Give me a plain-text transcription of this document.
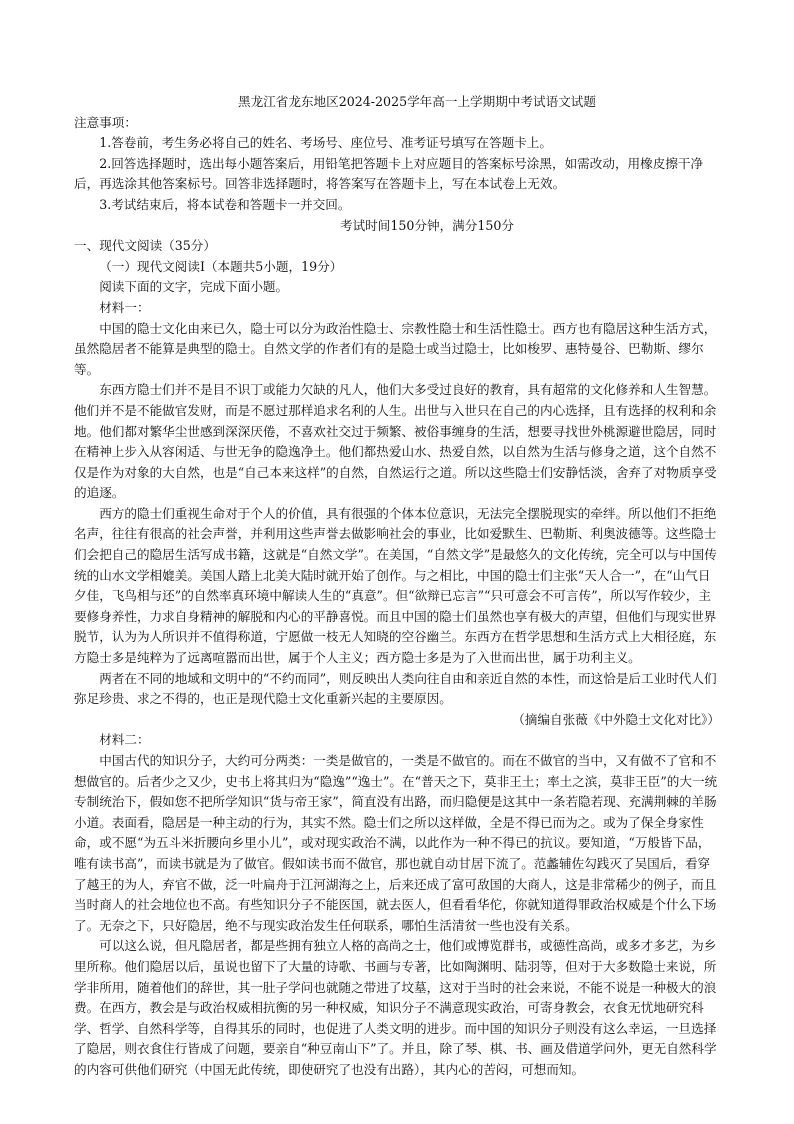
黑龙江省龙东地区2024-2025学年高一上学期期中考试语文试题

注意事项：

1.答卷前，考生务必将自己的姓名、考场号、座位号、准考证号填写在答题卡上。

2.回答选择题时，选出每小题答案后，用铅笔把答题卡上对应题目的答案标号涂黑，如需改动，用橡皮擦干净后，再选涂其他答案标号。回答非选择题时，将答案写在答题卡上，写在本试卷上无效。

3.考试结束后，将本试卷和答题卡一并交回。

考试时间150分钟，满分150分

一、现代文阅读（35分）

（一）现代文阅读Ⅰ（本题共5小题，19分）

阅读下面的文字，完成下面小题。

材料一：

中国的隐士文化由来已久，隐士可以分为政治性隐士、宗教性隐士和生活性隐士。西方也有隐居这种生活方式，虽然隐居者不能算是典型的隐士。自然文学的作者们有的是隐士或当过隐士，比如梭罗、惠特曼谷、巴勒斯、缪尔等。

东西方隐士们并不是目不识丁或能力欠缺的凡人，他们大多受过良好的教育，具有超常的文化修养和人生智慧。他们并不是不能做官发财，而是不愿过那样追求名利的人生。出世与入世只在自己的内心选择，且有选择的权利和余地。他们都对繁华尘世感到深深厌倦，不喜欢社交过于频繁、被俗事缠身的生活，想要寻找世外桃源避世隐居，同时在精神上步入从容闲适、与世无争的隐逸净土。他们都热爱山水、热爱自然，以自然为生活与修身之道，这个自然不仅是作为对象的大自然，也是“自己本来这样”的自然，自然运行之道。所以这些隐士们安静恬淡，舍弃了对物质享受的追逐。

西方的隐士们重视生命对于个人的价值，具有很强的个体本位意识，无法完全摆脱现实的牵绊。所以他们不拒绝名声，往往有很高的社会声誉，并利用这些声誉去做影响社会的事业，比如爱默生、巴勒斯、利奥波德等。这些隐士们会把自己的隐居生活写成书籍，这就是“自然文学”。在美国，“自然文学”是最悠久的文化传统，完全可以与中国传统的山水文学相媲美。美国人踏上北美大陆时就开始了创作。与之相比，中国的隐士们主张“天人合一”，在“山气日夕佳，飞鸟相与还”的自然率真环境中解读人生的“真意”。但“欲辩已忘言”“只可意会不可言传”，所以写作较少，主要修身养性，力求自身精神的解脱和内心的平静喜悦。而且中国的隐士们虽然也享有极大的声望，但他们与现实世界脱节，认为为人所识并不值得称道，宁愿做一枝无人知晓的空谷幽兰。东西方在哲学思想和生活方式上大相径庭，东方隐士多是纯粹为了远离喧嚣而出世，属于个人主义；西方隐士多是为了入世而出世，属于功利主义。

两者在不同的地域和文明中的“不约而同”，则反映出人类向往自由和亲近自然的本性，而这恰是后工业时代人们弥足珍贵、求之不得的，也正是现代隐士文化重新兴起的主要原因。

（摘编自张薇《中外隐士文化对比》）

材料二：

中国古代的知识分子，大约可分两类：一类是做官的，一类是不做官的。而在不做官的当中，又有做不了官和不想做官的。后者少之又少，史书上将其归为“隐逸”“逸士”。在“普天之下，莫非王土；率土之滨，莫非王臣”的大一统专制统治下，假如您不把所学知识“货与帝王家”，简直没有出路，而归隐便是这其中一条若隐若现、充满荆棘的羊肠小道。表面看，隐居是一种主动的行为，其实不然。隐士们之所以这样做，全是不得已而为之。或为了保全身家性命，或不愿“为五斗米折腰向乡里小儿”，或对现实政治不满，以此作为一种不得已的抗议。要知道，“万般皆下品，唯有读书高”，而读书就是为了做官。假如读书而不做官，那也就自动甘居下流了。范蠡辅佐勾践灭了吴国后，看穿了越王的为人，弃官不做，泛一叶扁舟于江河湖海之上，后来还成了富可敌国的大商人，这是非常稀少的例子，而且当时商人的社会地位也不高。有些知识分子不能医国，就去医人，但看看华佗，你就知道得罪政治权威是个什么下场了。无奈之下，只好隐居，绝不与现实政治发生任何联系，哪怕生活清贫一些也没有关系。

可以这么说，但凡隐居者，都是些拥有独立人格的高尚之士，他们或博览群书，或德性高尚，或多才多艺，为乡里所称。他们隐居以后，虽说也留下了大量的诗歌、书画与专著，比如陶渊明、陆羽等，但对于大多数隐士来说，所学非所用，随着他们的辞世，其一肚子学问也就随之带进了坟墓，这对于当时的社会来说，不能不说是一种极大的浪费。在西方，教会是与政治权威相抗衡的另一种权威，知识分子不满意现实政治，可寄身教会，衣食无忧地研究科学、哲学、自然科学等，自得其乐的同时，也促进了人类文明的进步。而中国的知识分子则没有这么幸运，一旦选择了隐居，则衣食住行皆成了问题，要亲自“种豆南山下”了。并且，除了琴、棋、书、画及借道学问外，更无自然科学的内容可供他们研究（中国无此传统，即使研究了也没有出路），其内心的苦闷，可想而知。
